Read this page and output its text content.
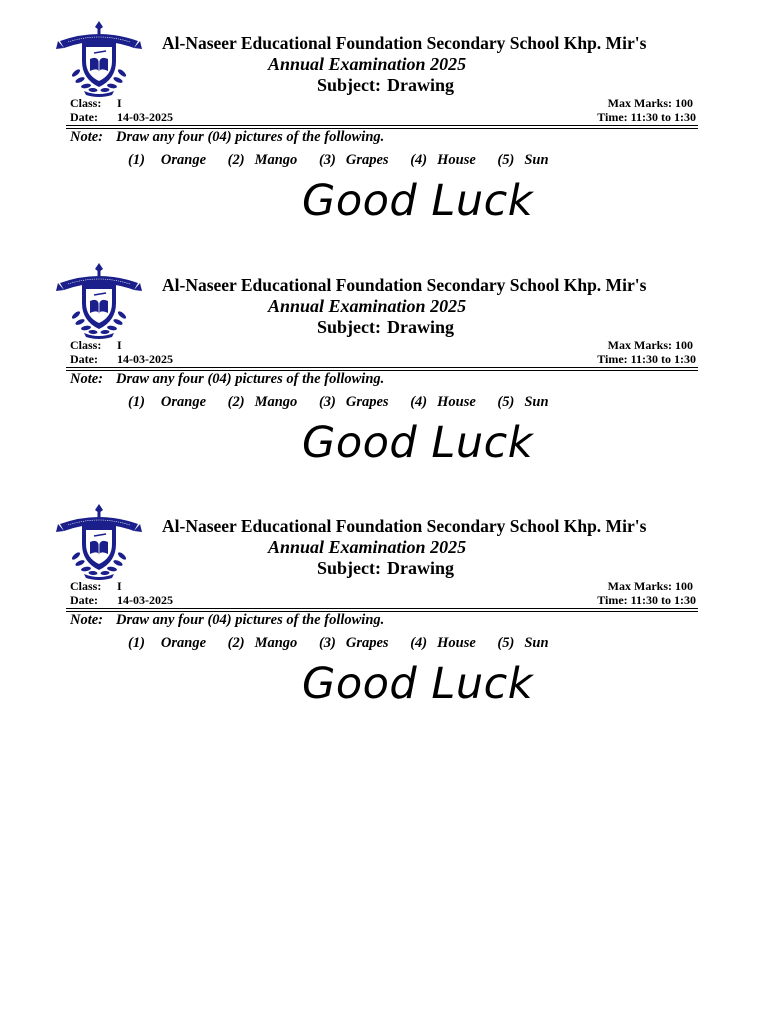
Al-Naseer Educational Foundation Secondary School Khp. Mir's
Annual Examination 2025
Subject: Drawing
Class: I
Date: 14-03-2025
Max Marks: 100
Time: 11:30 to 1:30
Note: Draw any four (04) pictures of the following.
(1) Orange (2) Mango (3) Grapes (4) House (5) Sun
Good Luck
Al-Naseer Educational Foundation Secondary School Khp. Mir's
Annual Examination 2025
Subject: Drawing
Class: I
Date: 14-03-2025
Max Marks: 100
Time: 11:30 to 1:30
Note: Draw any four (04) pictures of the following.
(1) Orange (2) Mango (3) Grapes (4) House (5) Sun
Good Luck
Al-Naseer Educational Foundation Secondary School Khp. Mir's
Annual Examination 2025
Subject: Drawing
Class: I
Date: 14-03-2025
Max Marks: 100
Time: 11:30 to 1:30
Note: Draw any four (04) pictures of the following.
(1) Orange (2) Mango (3) Grapes (4) House (5) Sun
Good Luck
